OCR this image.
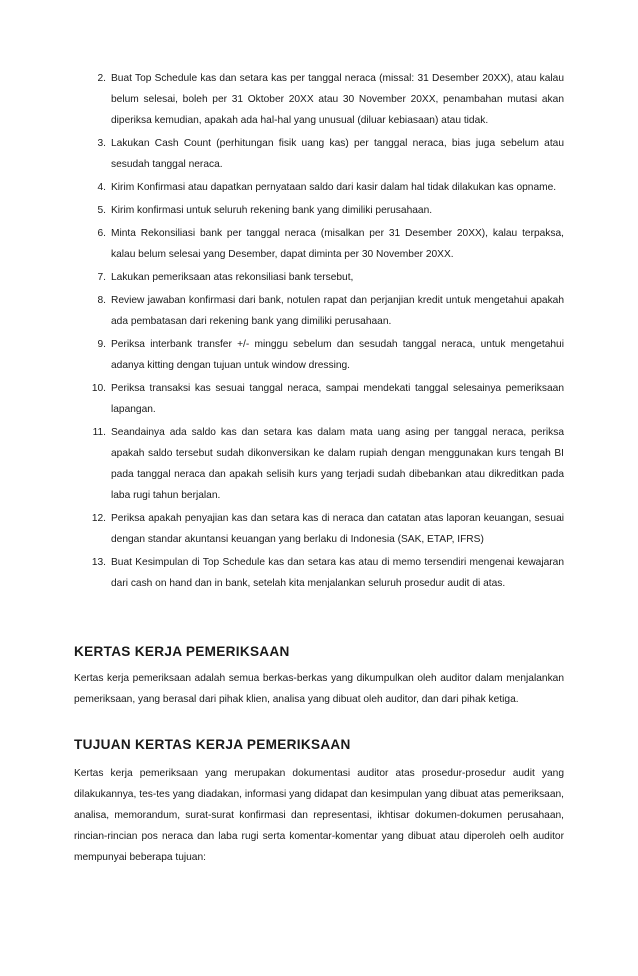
2. Buat Top Schedule kas dan setara kas per tanggal neraca (missal: 31 Desember 20XX), atau kalau belum selesai, boleh per 31 Oktober 20XX atau 30 November 20XX, penambahan mutasi akan diperiksa kemudian, apakah ada hal-hal yang unusual (diluar kebiasaan) atau tidak.
3. Lakukan Cash Count (perhitungan fisik uang kas) per tanggal neraca, bias juga sebelum atau sesudah tanggal neraca.
4. Kirim Konfirmasi atau dapatkan pernyataan saldo dari kasir dalam hal tidak dilakukan kas opname.
5. Kirim konfirmasi untuk seluruh rekening bank yang dimiliki perusahaan.
6. Minta Rekonsiliasi bank per tanggal neraca (misalkan per 31 Desember 20XX), kalau terpaksa, kalau belum selesai yang Desember, dapat diminta per 30 November 20XX.
7. Lakukan pemeriksaan atas rekonsiliasi bank tersebut,
8. Review jawaban konfirmasi dari bank, notulen rapat dan perjanjian kredit untuk mengetahui apakah ada pembatasan dari rekening bank yang dimiliki perusahaan.
9. Periksa interbank transfer +/- minggu sebelum dan sesudah tanggal neraca, untuk mengetahui adanya kitting dengan tujuan untuk window dressing.
10. Periksa transaksi kas sesuai tanggal neraca, sampai mendekati tanggal selesainya pemeriksaan lapangan.
11. Seandainya ada saldo kas dan setara kas dalam mata uang asing per tanggal neraca, periksa apakah saldo tersebut sudah dikonversikan ke dalam rupiah dengan menggunakan kurs tengah BI pada tanggal neraca dan apakah selisih kurs yang terjadi sudah dibebankan atau dikreditkan pada laba rugi tahun berjalan.
12. Periksa apakah penyajian kas dan setara kas di neraca dan catatan atas laporan keuangan, sesuai dengan standar akuntansi keuangan yang berlaku di Indonesia (SAK, ETAP, IFRS)
13. Buat Kesimpulan di Top Schedule kas dan setara kas atau di memo tersendiri mengenai kewajaran dari cash on hand dan in bank, setelah kita menjalankan seluruh prosedur audit di atas.
KERTAS KERJA PEMERIKSAAN

Kertas kerja pemeriksaan adalah semua berkas-berkas yang dikumpulkan oleh auditor dalam menjalankan pemeriksaan, yang berasal dari pihak klien, analisa yang dibuat oleh auditor, dan dari pihak ketiga.

TUJUAN KERTAS KERJA PEMERIKSAAN

Kertas kerja pemeriksaan yang merupakan dokumentasi auditor atas prosedur-prosedur audit yang dilakukannya, tes-tes yang diadakan, informasi yang didapat dan kesimpulan yang dibuat atas pemeriksaan, analisa, memorandum, surat-surat konfirmasi dan representasi, ikhtisar dokumen-dokumen perusahaan, rincian-rincian pos neraca dan laba rugi serta komentar-komentar yang dibuat atau diperoleh oelh auditor mempunyai beberapa tujuan:
